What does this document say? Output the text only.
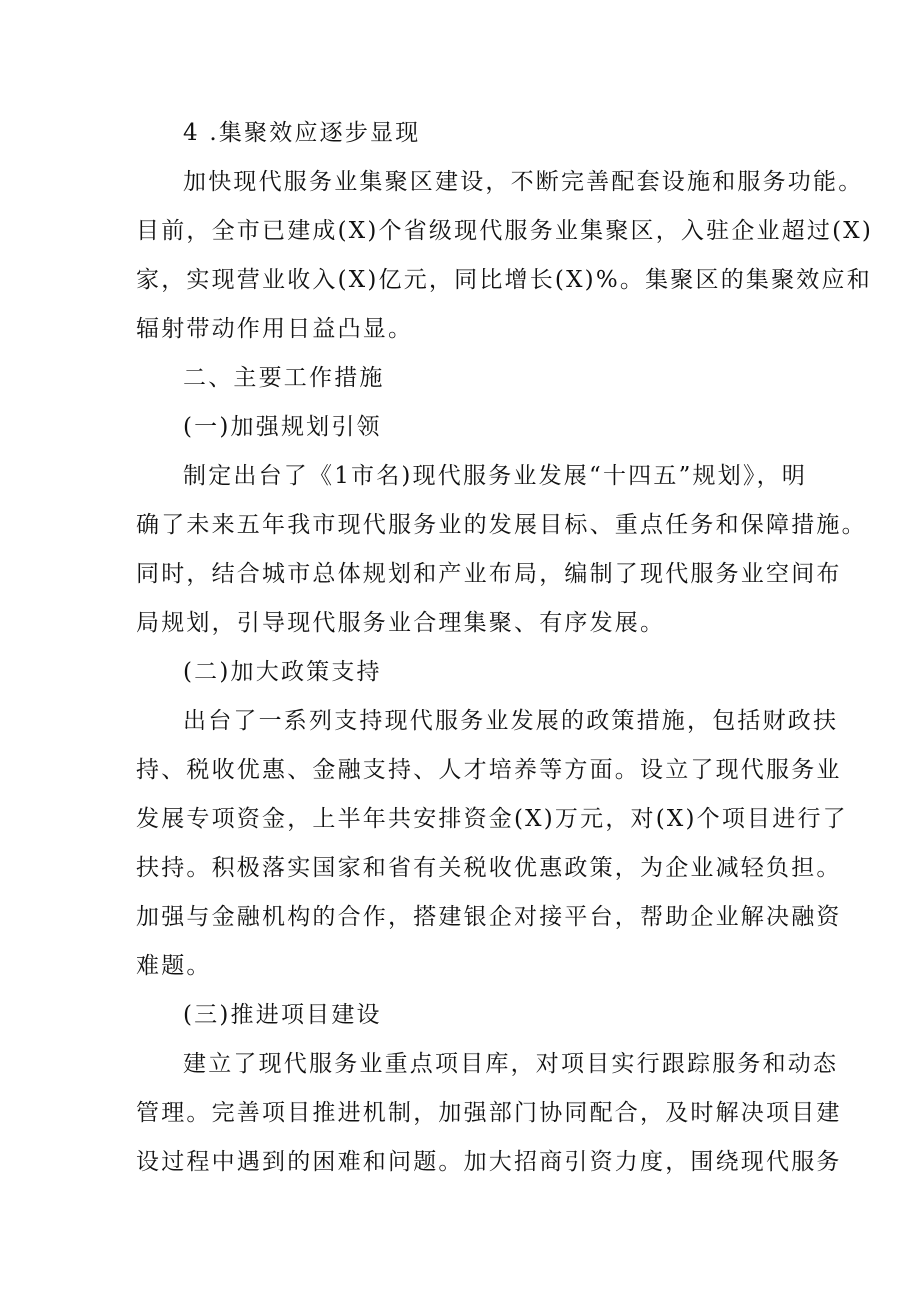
4 .集聚效应逐步显现
加快现代服务业集聚区建设，不断完善配套设施和服务功能。
目前，全市已建成(X)个省级现代服务业集聚区，入驻企业超过(X)
家，实现营业收入(X)亿元，同比增长(X)%。集聚区的集聚效应和
辐射带动作用日益凸显。
二、主要工作措施
(一)加强规划引领
制定出台了《1市名)现代服务业发展“十四五”规划》，明
确了未来五年我市现代服务业的发展目标、重点任务和保障措施。
同时，结合城市总体规划和产业布局，编制了现代服务业空间布
局规划，引导现代服务业合理集聚、有序发展。
(二)加大政策支持
出台了一系列支持现代服务业发展的政策措施，包括财政扶
持、税收优惠、金融支持、人才培养等方面。设立了现代服务业
发展专项资金，上半年共安排资金(X)万元，对(X)个项目进行了
扶持。积极落实国家和省有关税收优惠政策，为企业减轻负担。
加强与金融机构的合作，搭建银企对接平台，帮助企业解决融资
难题。
(三)推进项目建设
建立了现代服务业重点项目库，对项目实行跟踪服务和动态
管理。完善项目推进机制，加强部门协同配合，及时解决项目建
设过程中遇到的困难和问题。加大招商引资力度，围绕现代服务
